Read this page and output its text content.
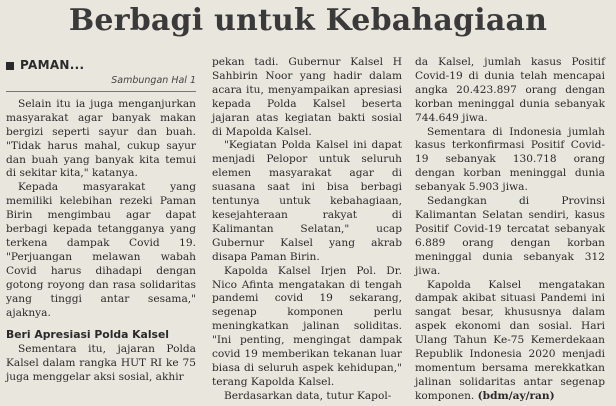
Berbagi untuk Kebahagiaan
PAMAN...
Sambungan Hal 1

Selain itu ia juga menganjurkan masyarakat agar banyak makan bergizi seperti sayur dan buah. "Tidak harus mahal, cukup sayur dan buah yang banyak kita temui di sekitar kita," katanya.

Kepada masyarakat yang memiliki kelebihan rezeki Paman Birin mengimbau agar dapat berbagi kepada tetangganya yang terkena dampak Covid 19. "Perjuangan melawan wabah Covid harus dihadapi dengan gotong royong dan rasa solidaritas yang tinggi antar sesama," ajaknya.

Beri Apresiasi Polda Kalsel

Sementara itu, jajaran Polda Kalsel dalam rangka HUT RI ke 75 juga menggelar aksi sosial, akhir

pekan tadi. Gubernur Kalsel H Sahbirin Noor yang hadir dalam acara itu, menyampaikan apresiasi kepada Polda Kalsel beserta jajaran atas kegiatan bakti sosial di Mapolda Kalsel.

"Kegiatan Polda Kalsel ini dapat menjadi Pelopor untuk seluruh elemen masyarakat agar di suasana saat ini bisa berbagi tentunya untuk kebahagiaan, kesejahteraan rakyat di Kalimantan Selatan," ucap Gubernur Kalsel yang akrab disapa Paman Birin.

Kapolda Kalsel Irjen Pol. Dr. Nico Afinta mengatakan di tengah pandemi covid 19 sekarang, segenap komponen perlu meningkatkan jalinan soliditas. "Ini penting, mengingat dampak covid 19 memberikan tekanan luar biasa di seluruh aspek kehidupan," terang Kapolda Kalsel.

Berdasarkan data, tutur Kapol-

da Kalsel, jumlah kasus Positif Covid-19 di dunia telah mencapai angka 20.423.897 orang dengan korban meninggal dunia sebanyak 744.649 jiwa.

Sementara di Indonesia jumlah kasus terkonfirmasi Positif Covid-19 sebanyak 130.718 orang dengan korban meninggal dunia sebanyak 5.903 jiwa.

Sedangkan di Provinsi Kalimantan Selatan sendiri, kasus Positif Covid-19 tercatat sebanyak 6.889 orang dengan korban meninggal dunia sebanyak 312 jiwa.

Kapolda Kalsel mengatakan dampak akibat situasi Pandemi ini sangat besar, khususnya dalam aspek ekonomi dan sosial. Hari Ulang Tahun Ke-75 Kemerdekaan Republik Indonesia 2020 menjadi momentum bersama merekkatkan jalinan solidaritas antar segenap komponen. (bdm/ay/ran)
